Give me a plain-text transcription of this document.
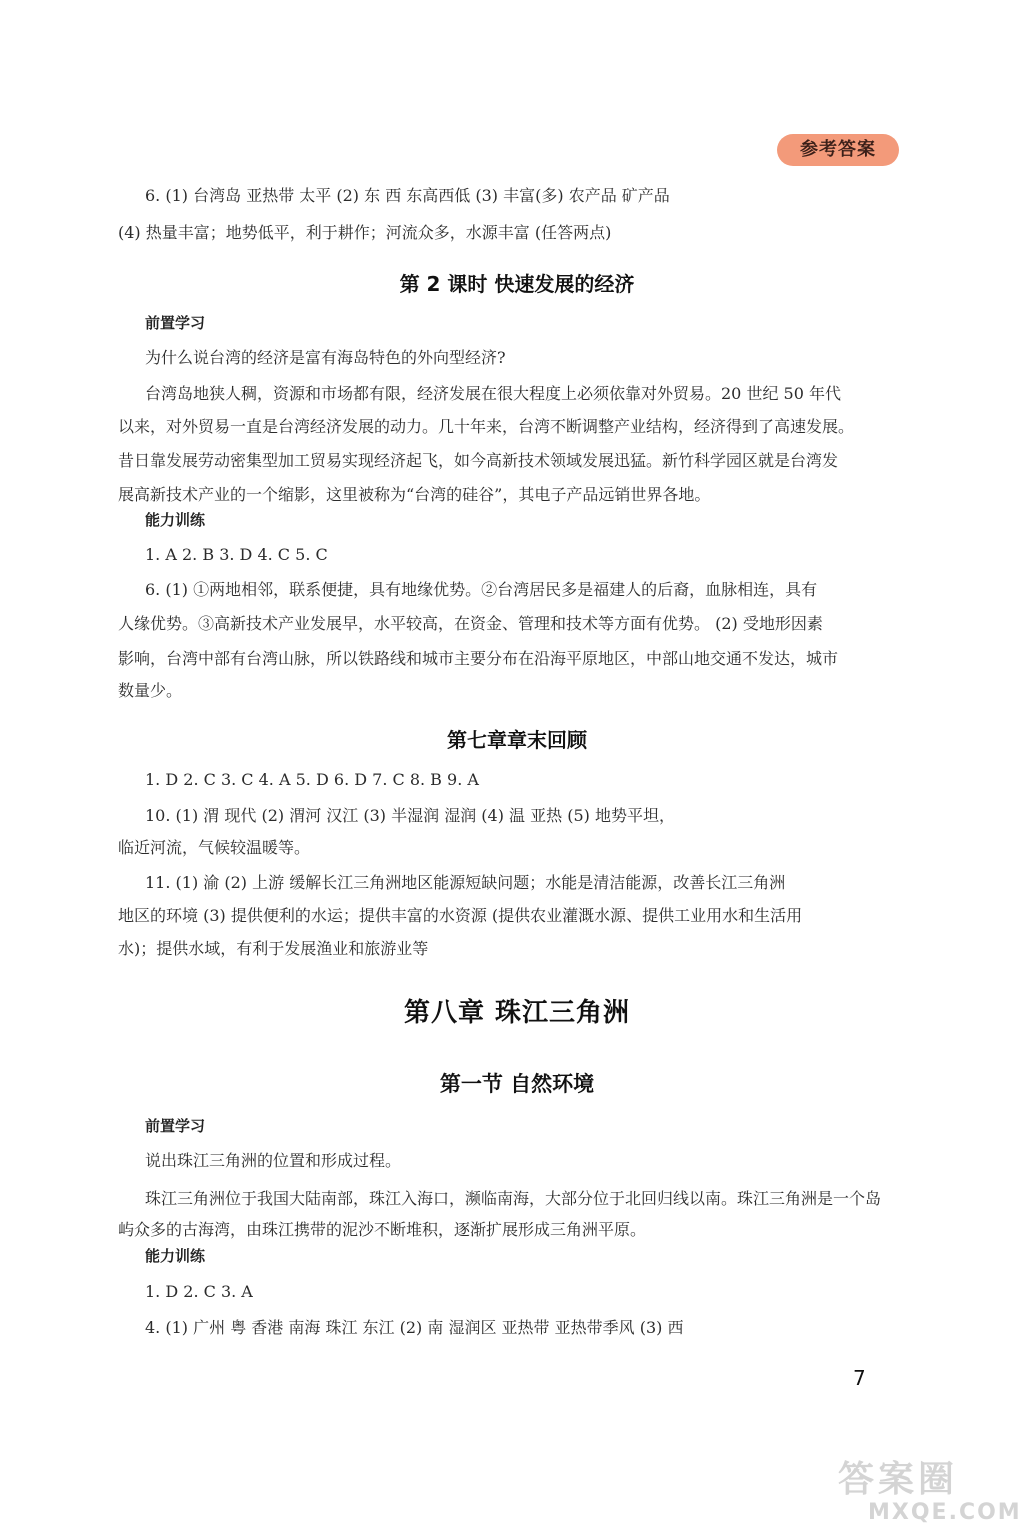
参考答案
6. (1) 台湾岛 亚热带 太平 (2) 东 西 东高西低 (3) 丰富(多) 农产品 矿产品
(4) 热量丰富；地势低平，利于耕作；河流众多，水源丰富 (任答两点)
第 2 课时 快速发展的经济
前置学习
为什么说台湾的经济是富有海岛特色的外向型经济?
台湾岛地狭人稠，资源和市场都有限，经济发展在很大程度上必须依靠对外贸易。20 世纪 50 年代
以来，对外贸易一直是台湾经济发展的动力。几十年来，台湾不断调整产业结构，经济得到了高速发展。
昔日靠发展劳动密集型加工贸易实现经济起飞，如今高新技术领域发展迅猛。新竹科学园区就是台湾发
展高新技术产业的一个缩影，这里被称为“台湾的硅谷”，其电子产品远销世界各地。
能力训练
1. A 2. B 3. D 4. C 5. C
6. (1) ①两地相邻，联系便捷，具有地缘优势。②台湾居民多是福建人的后裔，血脉相连，具有
人缘优势。③高新技术产业发展早，水平较高，在资金、管理和技术等方面有优势。 (2) 受地形因素
影响，台湾中部有台湾山脉，所以铁路线和城市主要分布在沿海平原地区，中部山地交通不发达，城市
数量少。
第七章章末回顾
1. D 2. C 3. C 4. A 5. D 6. D 7. C 8. B 9. A
10. (1) 渭 现代 (2) 渭河 汉江 (3) 半湿润 湿润 (4) 温 亚热 (5) 地势平坦，
临近河流，气候较温暖等。
11. (1) 渝 (2) 上游 缓解长江三角洲地区能源短缺问题；水能是清洁能源，改善长江三角洲
地区的环境 (3) 提供便利的水运；提供丰富的水资源 (提供农业灌溉水源、提供工业用水和生活用
水)；提供水域，有利于发展渔业和旅游业等
第八章 珠江三角洲
第一节 自然环境
前置学习
说出珠江三角洲的位置和形成过程。
珠江三角洲位于我国大陆南部，珠江入海口，濒临南海，大部分位于北回归线以南。珠江三角洲是一个岛
屿众多的古海湾，由珠江携带的泥沙不断堆积，逐渐扩展形成三角洲平原。
能力训练
1. D 2. C 3. A
4. (1) 广州 粤 香港 南海 珠江 东江 (2) 南 湿润区 亚热带 亚热带季风 (3) 西
7
答案圈
MXQE.COM
